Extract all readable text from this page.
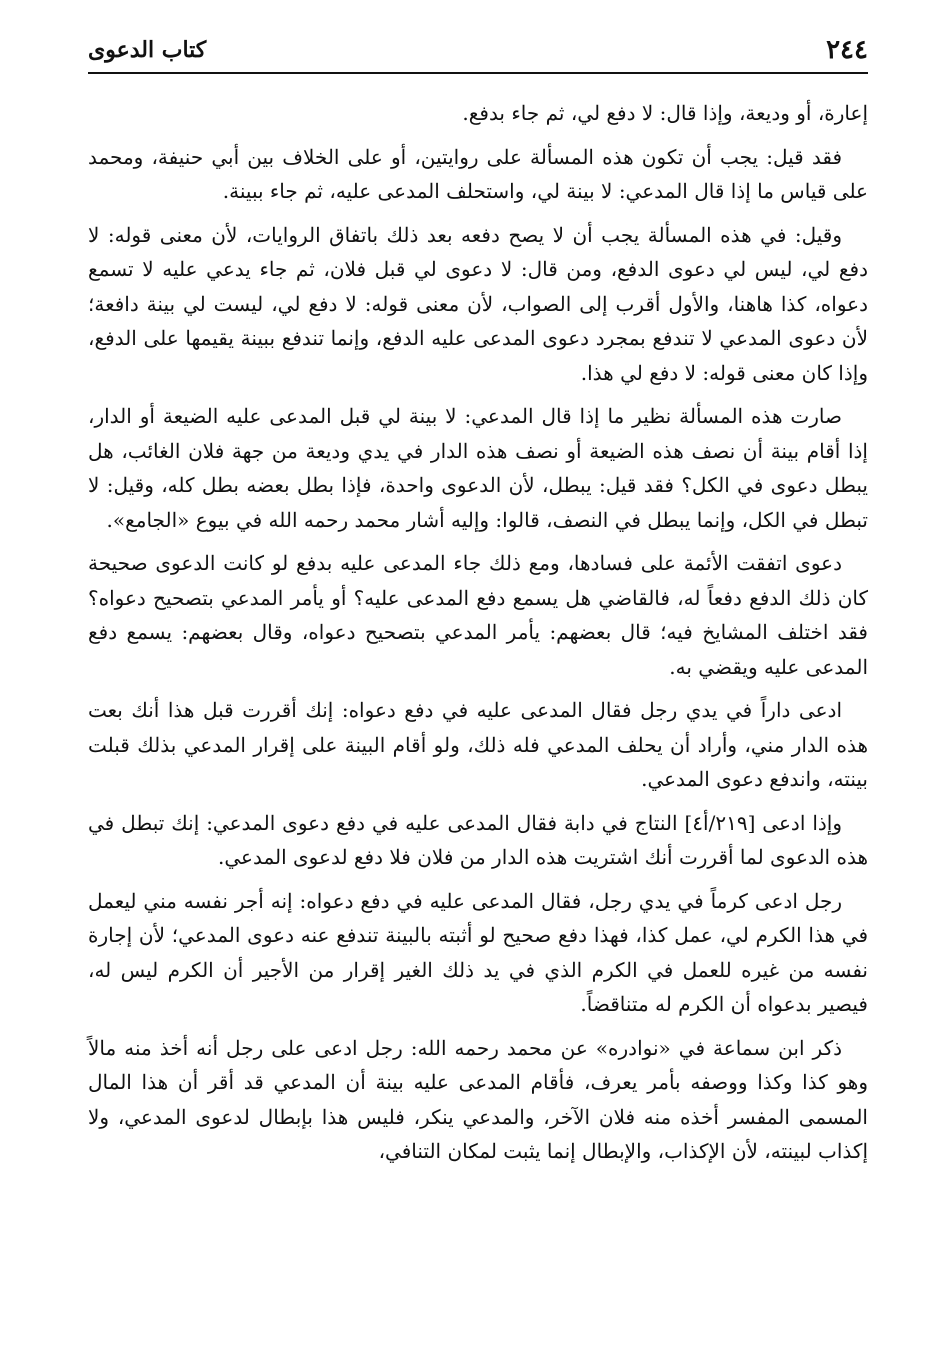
٢٤٤
كتاب الدعوى

إعارة، أو وديعة، وإذا قال: لا دفع لي، ثم جاء بدفع.

فقد قيل: يجب أن تكون هذه المسألة على روايتين، أو على الخلاف بين أبي حنيفة، ومحمد على قياس ما إذا قال المدعي: لا بينة لي، واستحلف المدعى عليه، ثم جاء ببينة.

وقيل: في هذه المسألة يجب أن لا يصح دفعه بعد ذلك باتفاق الروايات، لأن معنى قوله: لا دفع لي، ليس لي دعوى الدفع، ومن قال: لا دعوى لي قبل فلان، ثم جاء يدعي عليه لا تسمع دعواه، كذا هاهنا، والأول أقرب إلى الصواب، لأن معنى قوله: لا دفع لي، ليست لي بينة دافعة؛ لأن دعوى المدعي لا تندفع بمجرد دعوى المدعى عليه الدفع، وإنما تندفع ببينة يقيمها على الدفع، وإذا كان معنى قوله: لا دفع لي هذا.

صارت هذه المسألة نظير ما إذا قال المدعي: لا بينة لي قبل المدعى عليه الضيعة أو الدار، إذا أقام بينة أن نصف هذه الضيعة أو نصف هذه الدار في يدي وديعة من جهة فلان الغائب، هل يبطل دعوى في الكل؟ فقد قيل: يبطل، لأن الدعوى واحدة، فإذا بطل بعضه بطل كله، وقيل: لا تبطل في الكل، وإنما يبطل في النصف، قالوا: وإليه أشار محمد رحمه الله في بيوع «الجامع».

دعوى اتفقت الأئمة على فسادها، ومع ذلك جاء المدعى عليه بدفع لو كانت الدعوى صحيحة كان ذلك الدفع دفعاً له، فالقاضي هل يسمع دفع المدعى عليه؟ أو يأمر المدعي بتصحيح دعواه؟ فقد اختلف المشايخ فيه؛ قال بعضهم: يأمر المدعي بتصحيح دعواه، وقال بعضهم: يسمع دفع المدعى عليه ويقضي به.

ادعى داراً في يدي رجل فقال المدعى عليه في دفع دعواه: إنك أقررت قبل هذا أنك بعت هذه الدار مني، وأراد أن يحلف المدعي فله ذلك، ولو أقام البينة على إقرار المدعي بذلك قبلت بينته، واندفع دعوى المدعي.

وإذا ادعى [٢١٩/أ٤] النتاج في دابة فقال المدعى عليه في دفع دعوى المدعي: إنك تبطل في هذه الدعوى لما أقررت أنك اشتريت هذه الدار من فلان فلا دفع لدعوى المدعي.

رجل ادعى كرماً في يدي رجل، فقال المدعى عليه في دفع دعواه: إنه أجر نفسه مني ليعمل في هذا الكرم لي، عمل كذا، فهذا دفع صحيح لو أثبته بالبينة تندفع عنه دعوى المدعي؛ لأن إجارة نفسه من غيره للعمل في الكرم الذي في يد ذلك الغير إقرار من الأجير أن الكرم ليس له، فيصير بدعواه أن الكرم له متناقضاً.

ذكر ابن سماعة في «نوادره» عن محمد رحمه الله: رجل ادعى على رجل أنه أخذ منه مالاً وهو كذا وكذا ووصفه بأمر يعرف، فأقام المدعى عليه بينة أن المدعي قد أقر أن هذا المال المسمى المفسر أخذه منه فلان الآخر، والمدعي ينكر، فليس هذا بإبطال لدعوى المدعي، ولا إكذاب لبينته، لأن الإكذاب، والإبطال إنما يثبت لمكان التنافي،
